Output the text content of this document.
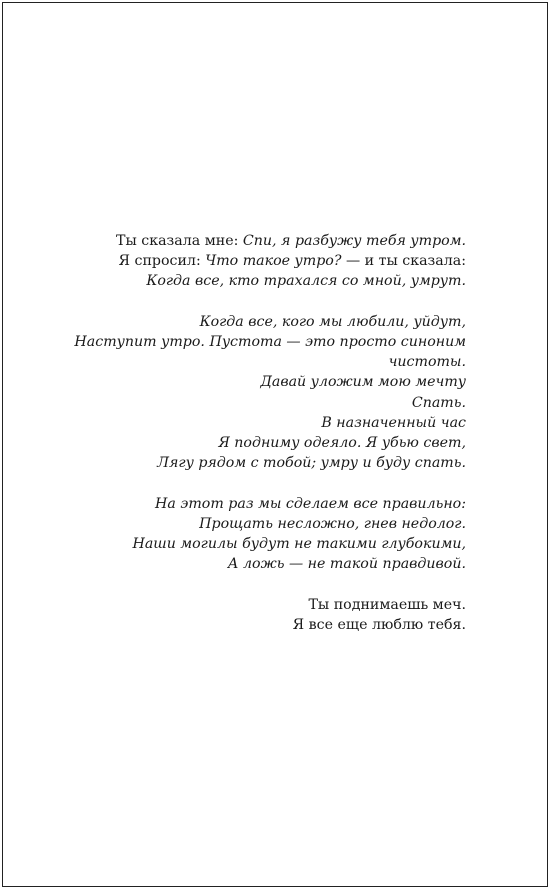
Ты сказала мне: Спи, я разбужу тебя утром.
Я спросил: Что такое утро? — и ты сказала:
Когда все, кто трахался со мной, умрут.
Когда все, кого мы любили, уйдут,
Наступит утро. Пустота — это просто синоним
чистоты.
Давай уложим мою мечту
Спать.
В назначенный час
Я подниму одеяло. Я убью свет,
Лягу рядом с тобой; умру и буду спать.
На этот раз мы сделаем все правильно:
Прощать несложно, гнев недолог.
Наши могилы будут не такими глубокими,
А ложь — не такой правдивой.
Ты поднимаешь меч.
Я все еще люблю тебя.
